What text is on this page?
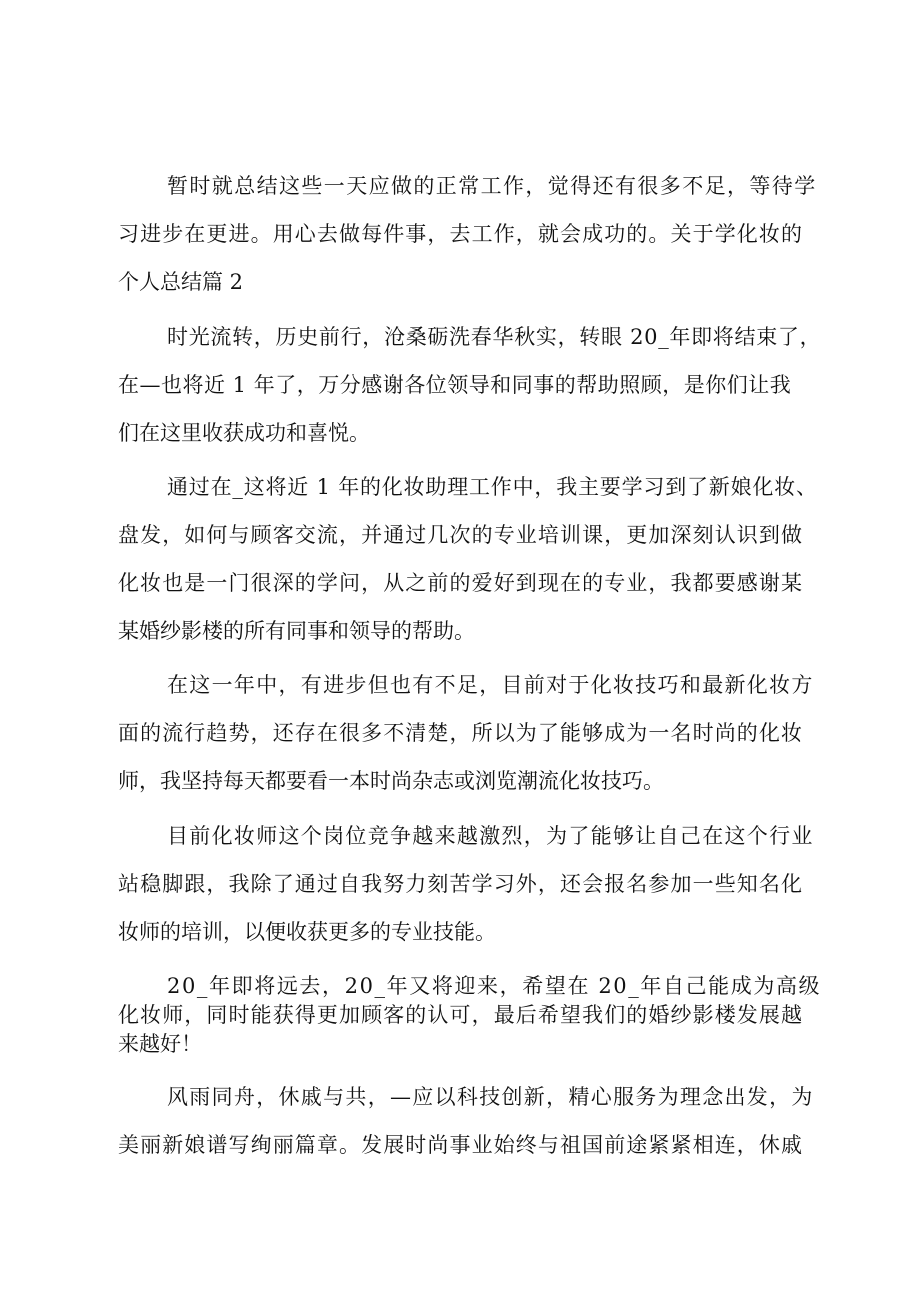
暂时就总结这些一天应做的正常工作，觉得还有很多不足，等待学
习进步在更进。用心去做每件事，去工作，就会成功的。关于学化妆的
个人总结篇 2
时光流转，历史前行，沧桑砺洗春华秋实，转眼 20_年即将结束了，
在—也将近 1 年了，万分感谢各位领导和同事的帮助照顾，是你们让我
们在这里收获成功和喜悦。
通过在_这将近 1 年的化妆助理工作中，我主要学习到了新娘化妆、
盘发，如何与顾客交流，并通过几次的专业培训课，更加深刻认识到做
化妆也是一门很深的学问，从之前的爱好到现在的专业，我都要感谢某
某婚纱影楼的所有同事和领导的帮助。
在这一年中，有进步但也有不足，目前对于化妆技巧和最新化妆方
面的流行趋势，还存在很多不清楚，所以为了能够成为一名时尚的化妆
师，我坚持每天都要看一本时尚杂志或浏览潮流化妆技巧。
目前化妆师这个岗位竞争越来越激烈，为了能够让自己在这个行业
站稳脚跟，我除了通过自我努力刻苦学习外，还会报名参加一些知名化
妆师的培训，以便收获更多的专业技能。
20_年即将远去，20_年又将迎来，希望在 20_年自己能成为高级
化妆师，同时能获得更加顾客的认可，最后希望我们的婚纱影楼发展越
来越好！
风雨同舟，休戚与共，—应以科技创新，精心服务为理念出发，为
美丽新娘谱写绚丽篇章。发展时尚事业始终与祖国前途紧紧相连，休戚
